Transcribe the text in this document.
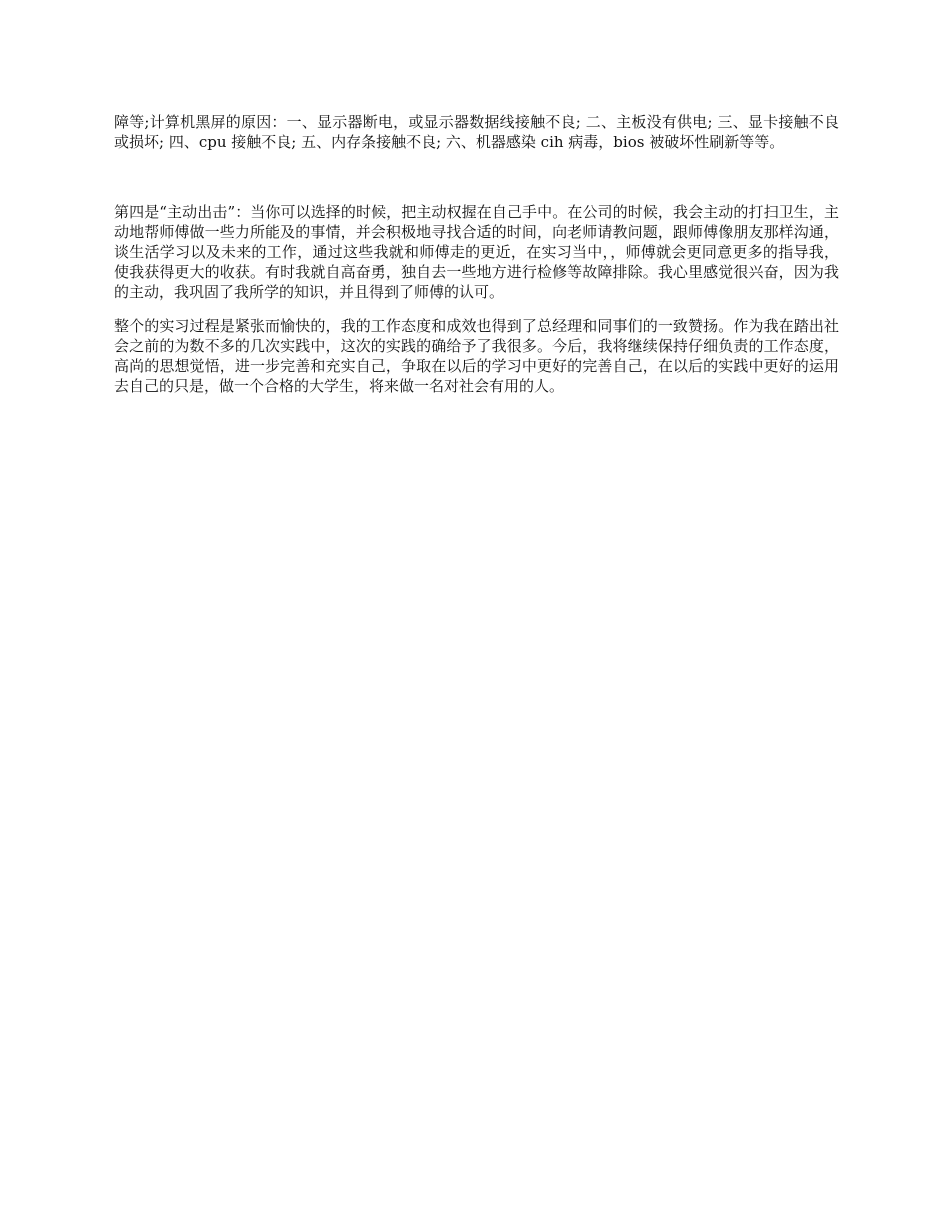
障等;计算机黑屏的原因：一、显示器断电，或显示器数据线接触不良; 二、主板没有供电; 三、显卡接触不良或损坏; 四、cpu 接触不良; 五、内存条接触不良; 六、机器感染 cih 病毒，bios 被破坏性刷新等等。

第四是“主动出击”：当你可以选择的时候，把主动权握在自己手中。在公司的时候，我会主动的打扫卫生，主动地帮师傅做一些力所能及的事情，并会积极地寻找合适的时间，向老师请教问题，跟师傅像朋友那样沟通，谈生活学习以及未来的工作，通过这些我就和师傅走的更近，在实习当中，，师傅就会更同意更多的指导我，使我获得更大的收获。有时我就自高奋勇，独自去一些地方进行检修等故障排除。我心里感觉很兴奋，因为我的主动，我巩固了我所学的知识，并且得到了师傅的认可。

整个的实习过程是紧张而愉快的，我的工作态度和成效也得到了总经理和同事们的一致赞扬。作为我在踏出社会之前的为数不多的几次实践中，这次的实践的确给予了我很多。今后，我将继续保持仔细负责的工作态度，高尚的思想觉悟，进一步完善和充实自己，争取在以后的学习中更好的完善自己，在以后的实践中更好的运用去自己的只是，做一个合格的大学生，将来做一名对社会有用的人。
